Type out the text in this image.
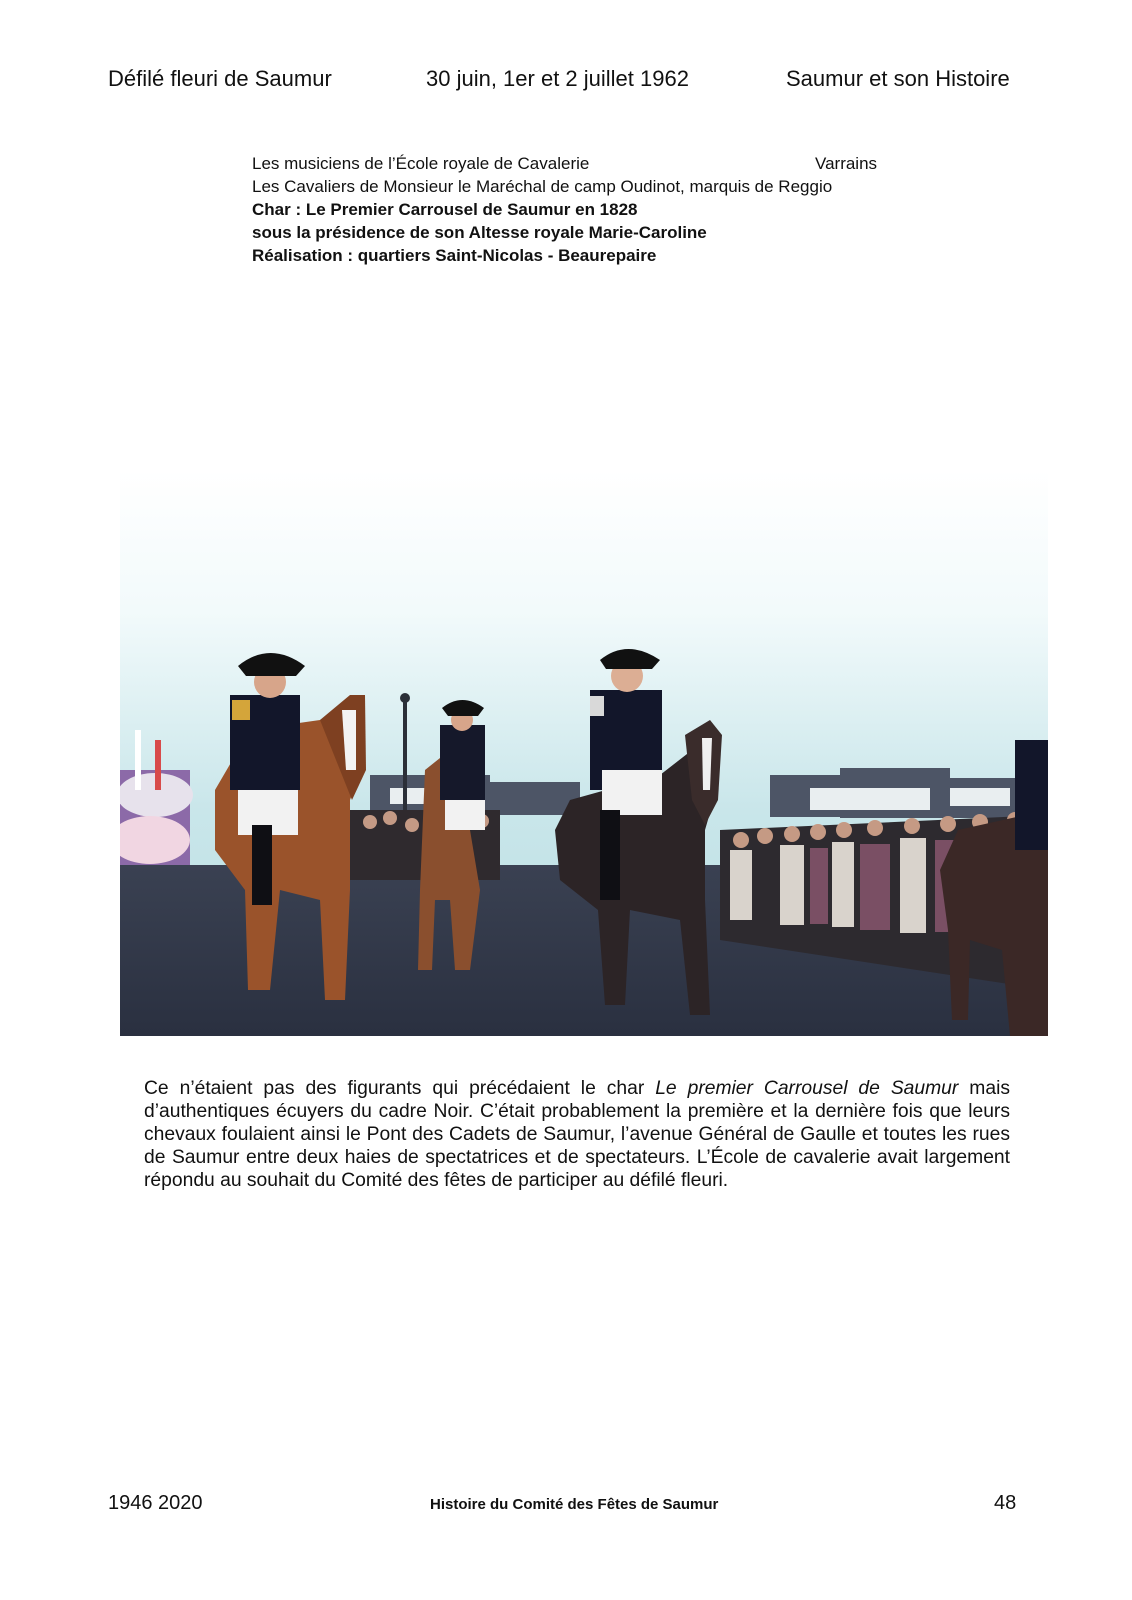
Défilé fleuri de Saumur	30 juin, 1er et 2 juillet 1962	Saumur et son Histoire
Les musiciens de l’École royale de Cavalerie	Varrains
Les Cavaliers de Monsieur le Maréchal de camp Oudinot, marquis de Reggio
Char : Le Premier Carrousel de Saumur en 1828
sous la présidence de son Altesse royale Marie-Caroline
Réalisation : quartiers Saint-Nicolas - Beaurepaire
Ce n’étaient pas des figurants qui précédaient le char Le premier Carrousel de Saumur mais d’authentiques écuyers du cadre Noir. C’était probablement la première et la dernière fois que leurs chevaux foulaient ainsi le Pont des Cadets de Saumur, l’avenue Général de Gaulle et toutes les rues de Saumur entre deux haies de spectatrices et de spectateurs. L’École de cavalerie avait largement répondu au souhait du Comité des fêtes de participer au défilé fleuri.
1946 2020	Histoire du Comité des Fêtes de Saumur	48
